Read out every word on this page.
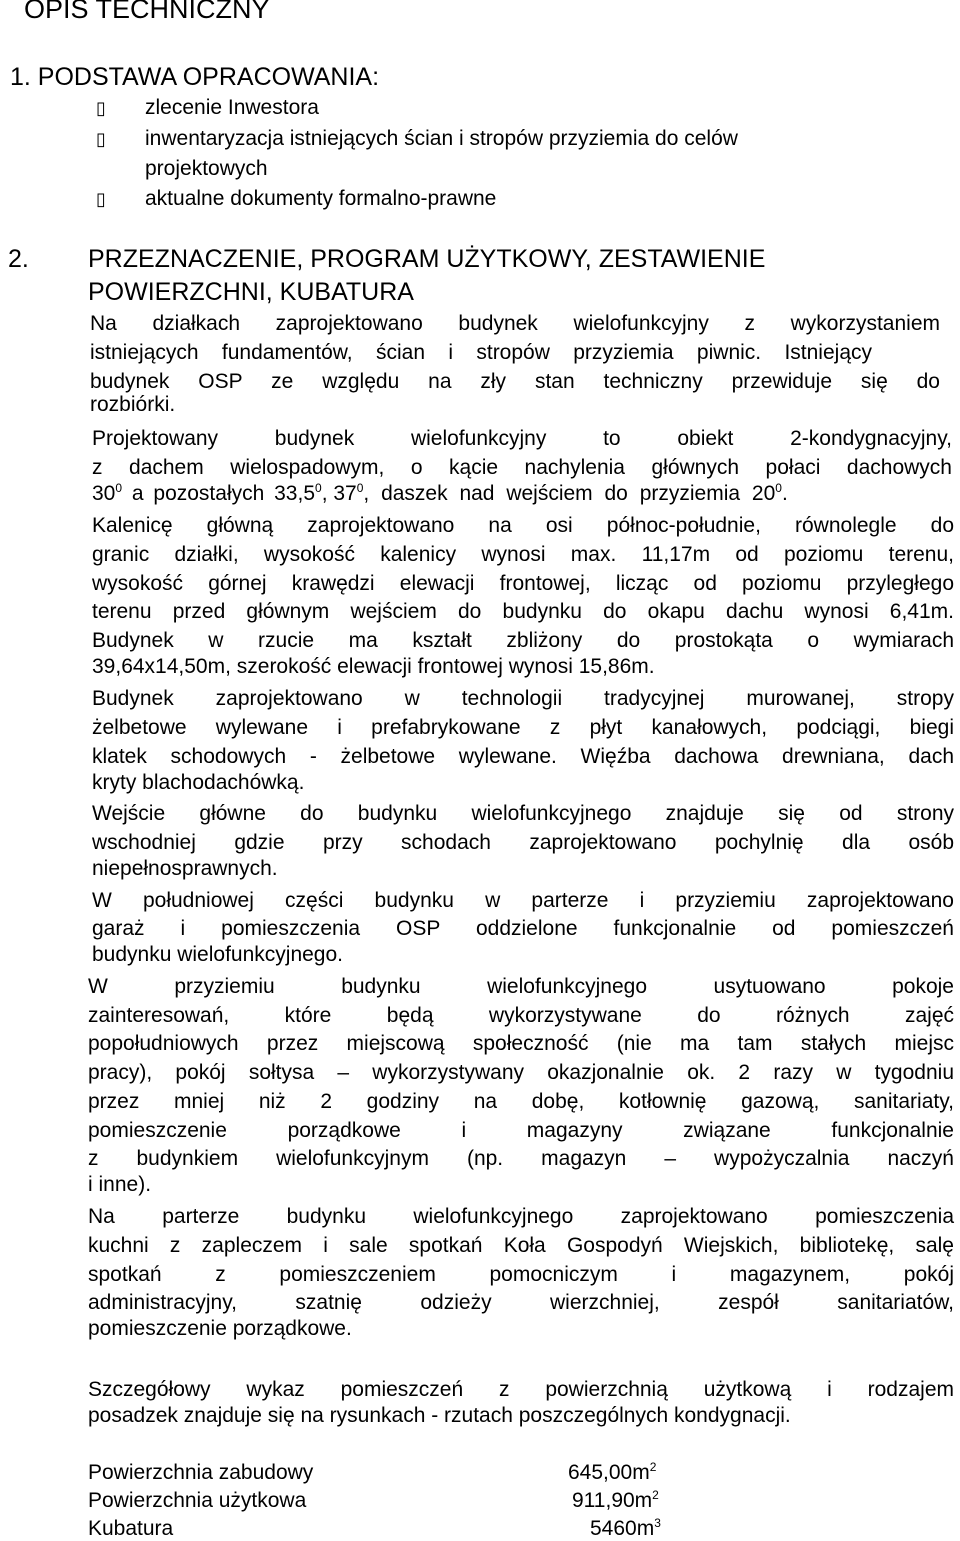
OPIS TECHNICZNY
1. PODSTAWA OPRACOWANIA:
▯ zlecenie Inwestora
▯ inwentaryzacja istniejących ścian i stropów przyziemia do celów
projektowych
▯ aktualne dokumenty formalno-prawne
2. PRZEZNACZENIE, PROGRAM UŻYTKOWY, ZESTAWIENIE
POWIERZCHNI, KUBATURA
Na działkach zaprojektowano budynek wielofunkcyjny z wykorzystaniem
istniejących fundamentów, ścian i stropów przyziemia piwnic. Istniejący
budynek OSP ze względu na zły stan techniczny przewiduje się do
rozbiórki.
Projektowany budynek wielofunkcyjny to obiekt 2-kondygnacyjny,
z dachem wielospadowym, o kącie nachylenia głównych połaci dachowych
$30^0$ a pozostałych 33,5$^0$, $37^0$, daszek nad wejściem do przyziemia $20^0$.
Kalenicę główną zaprojektowano na osi północ-południe, równolegle do
granic działki, wysokość kalenicy wynosi max. 11,17m od poziomu terenu,
wysokość górnej krawędzi elewacji frontowej, licząc od poziomu przyległego
terenu przed głównym wejściem do budynku do okapu dachu wynosi 6,41m.
Budynek w rzucie ma kształt zbliżony do prostokąta o wymiarach
39,64x14,50m, szerokość elewacji frontowej wynosi 15,86m.
Budynek zaprojektowano w technologii tradycyjnej murowanej, stropy
żelbetowe wylewane i prefabrykowane z płyt kanałowych, podciągi, biegi
klatek schodowych - żelbetowe wylewane. Więźba dachowa drewniana, dach
kryty blachodachówką.
Wejście główne do budynku wielofunkcyjnego znajduje się od strony
wschodniej gdzie przy schodach zaprojektowano pochylnię dla osób
niepełnosprawnych.
W południowej części budynku w parterze i przyziemiu zaprojektowano
garaż i pomieszczenia OSP oddzielone funkcjonalnie od pomieszczeń
budynku wielofunkcyjnego.
W przyziemiu budynku wielofunkcyjnego usytuowano pokoje
zainteresowań, które będą wykorzystywane do różnych zajęć
popołudniowych przez miejscową społeczność (nie ma tam stałych miejsc
pracy), pokój sołtysa – wykorzystywany okazjonalnie ok. 2 razy w tygodniu
przez mniej niż 2 godziny na dobę, kotłownię gazową, sanitariaty,
pomieszczenie porządkowe i magazyny związane funkcjonalnie
z budynkiem wielofunkcyjnym (np. magazyn – wypożyczalnia naczyń
i inne).
Na parterze budynku wielofunkcyjnego zaprojektowano pomieszczenia
kuchni z zapleczem i sale spotkań Koła Gospodyń Wiejskich, bibliotekę, salę
spotkań z pomieszczeniem pomocniczym i magazynem, pokój
administracyjny, szatnię odzieży wierzchniej, zespół sanitariatów,
pomieszczenie porządkowe.
Szczegółowy wykaz pomieszczeń z powierzchnią użytkową i rodzajem
posadzek znajduje się na rysunkach - rzutach poszczególnych kondygnacji.
Powierzchnia zabudowy	$645,00m^2$
Powierzchnia użytkowa	$911,90m^2$
Kubatura	$5460m^3$
